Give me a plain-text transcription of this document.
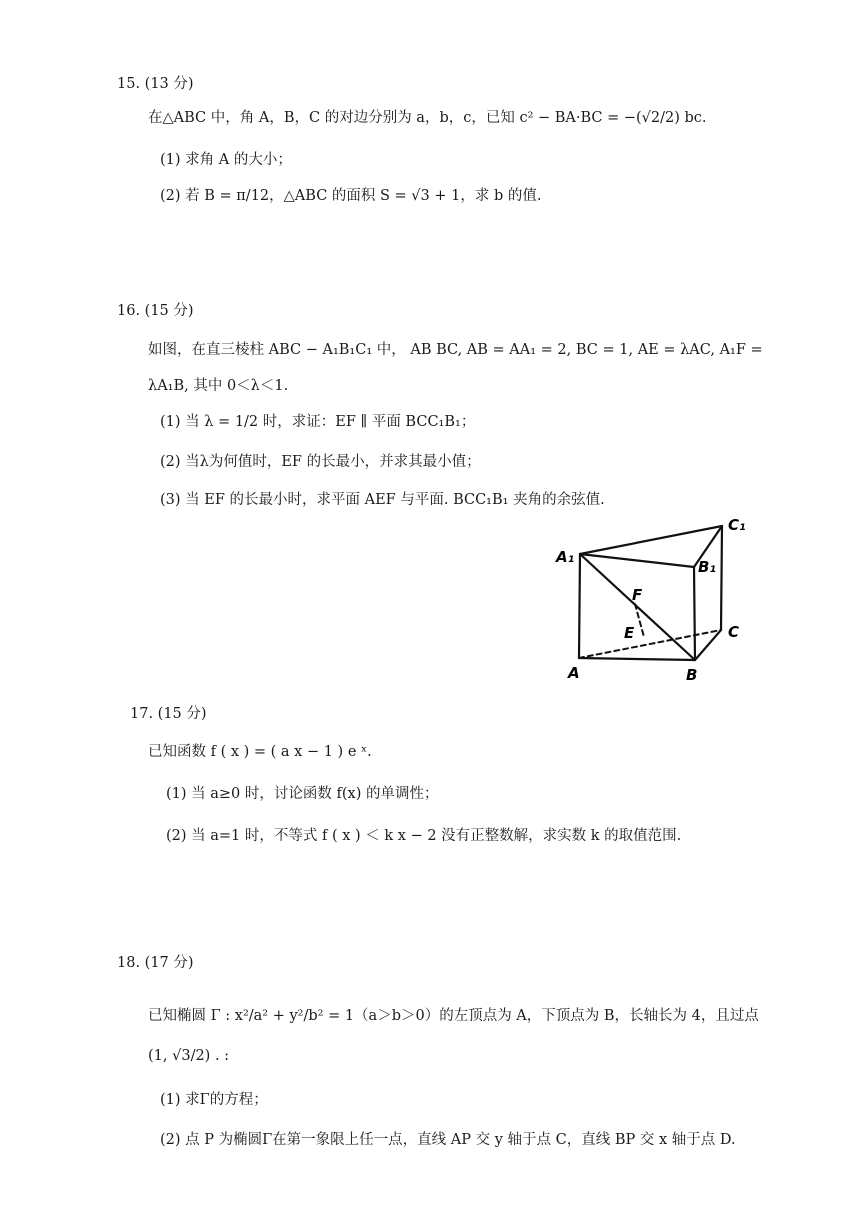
15. (13 分)
在△ABC 中，角 A，B，C 的对边分别为 a，b，c，已知 c² − BA·BC = −(√2/2) bc.
(1) 求角 A 的大小；
(2) 若 B = π/12，△ABC 的面积 S = √3 + 1，求 b 的值.
16. (15 分)
如图，在直三棱柱 ABC − A₁B₁C₁ 中， AB BC, AB = AA₁ = 2, BC = 1, AE = λAC, A₁F =
λA₁B, 其中 0＜λ＜1.
(1) 当 λ = 1/2 时，求证：EF ∥ 平面 BCC₁B₁；
(2) 当λ为何值时，EF 的长最小，并求其最小值；
(3) 当 EF 的长最小时，求平面 AEF 与平面. BCC₁B₁ 夹角的余弦值.
A₁
B₁
C₁
A	B
C
E
F
17. (15 分)
已知函数 f ( x ) = ( a x − 1 ) e ˣ.
(1) 当 a≥0 时，讨论函数 f(x) 的单调性；
(2) 当 a=1 时，不等式 f ( x ) ＜ k x − 2 没有正整数解，求实数 k 的取值范围.
18. (17 分)
已知椭圆 Γ : x²/a² + y²/b² = 1（a＞b＞0）的左顶点为 A，下顶点为 B，长轴长为 4，且过点
(1, √3/2) . :
(1) 求Γ的方程；
(2) 点 P 为椭圆Γ在第一象限上任一点，直线 AP 交 y 轴于点 C，直线 BP 交 x 轴于点 D.
